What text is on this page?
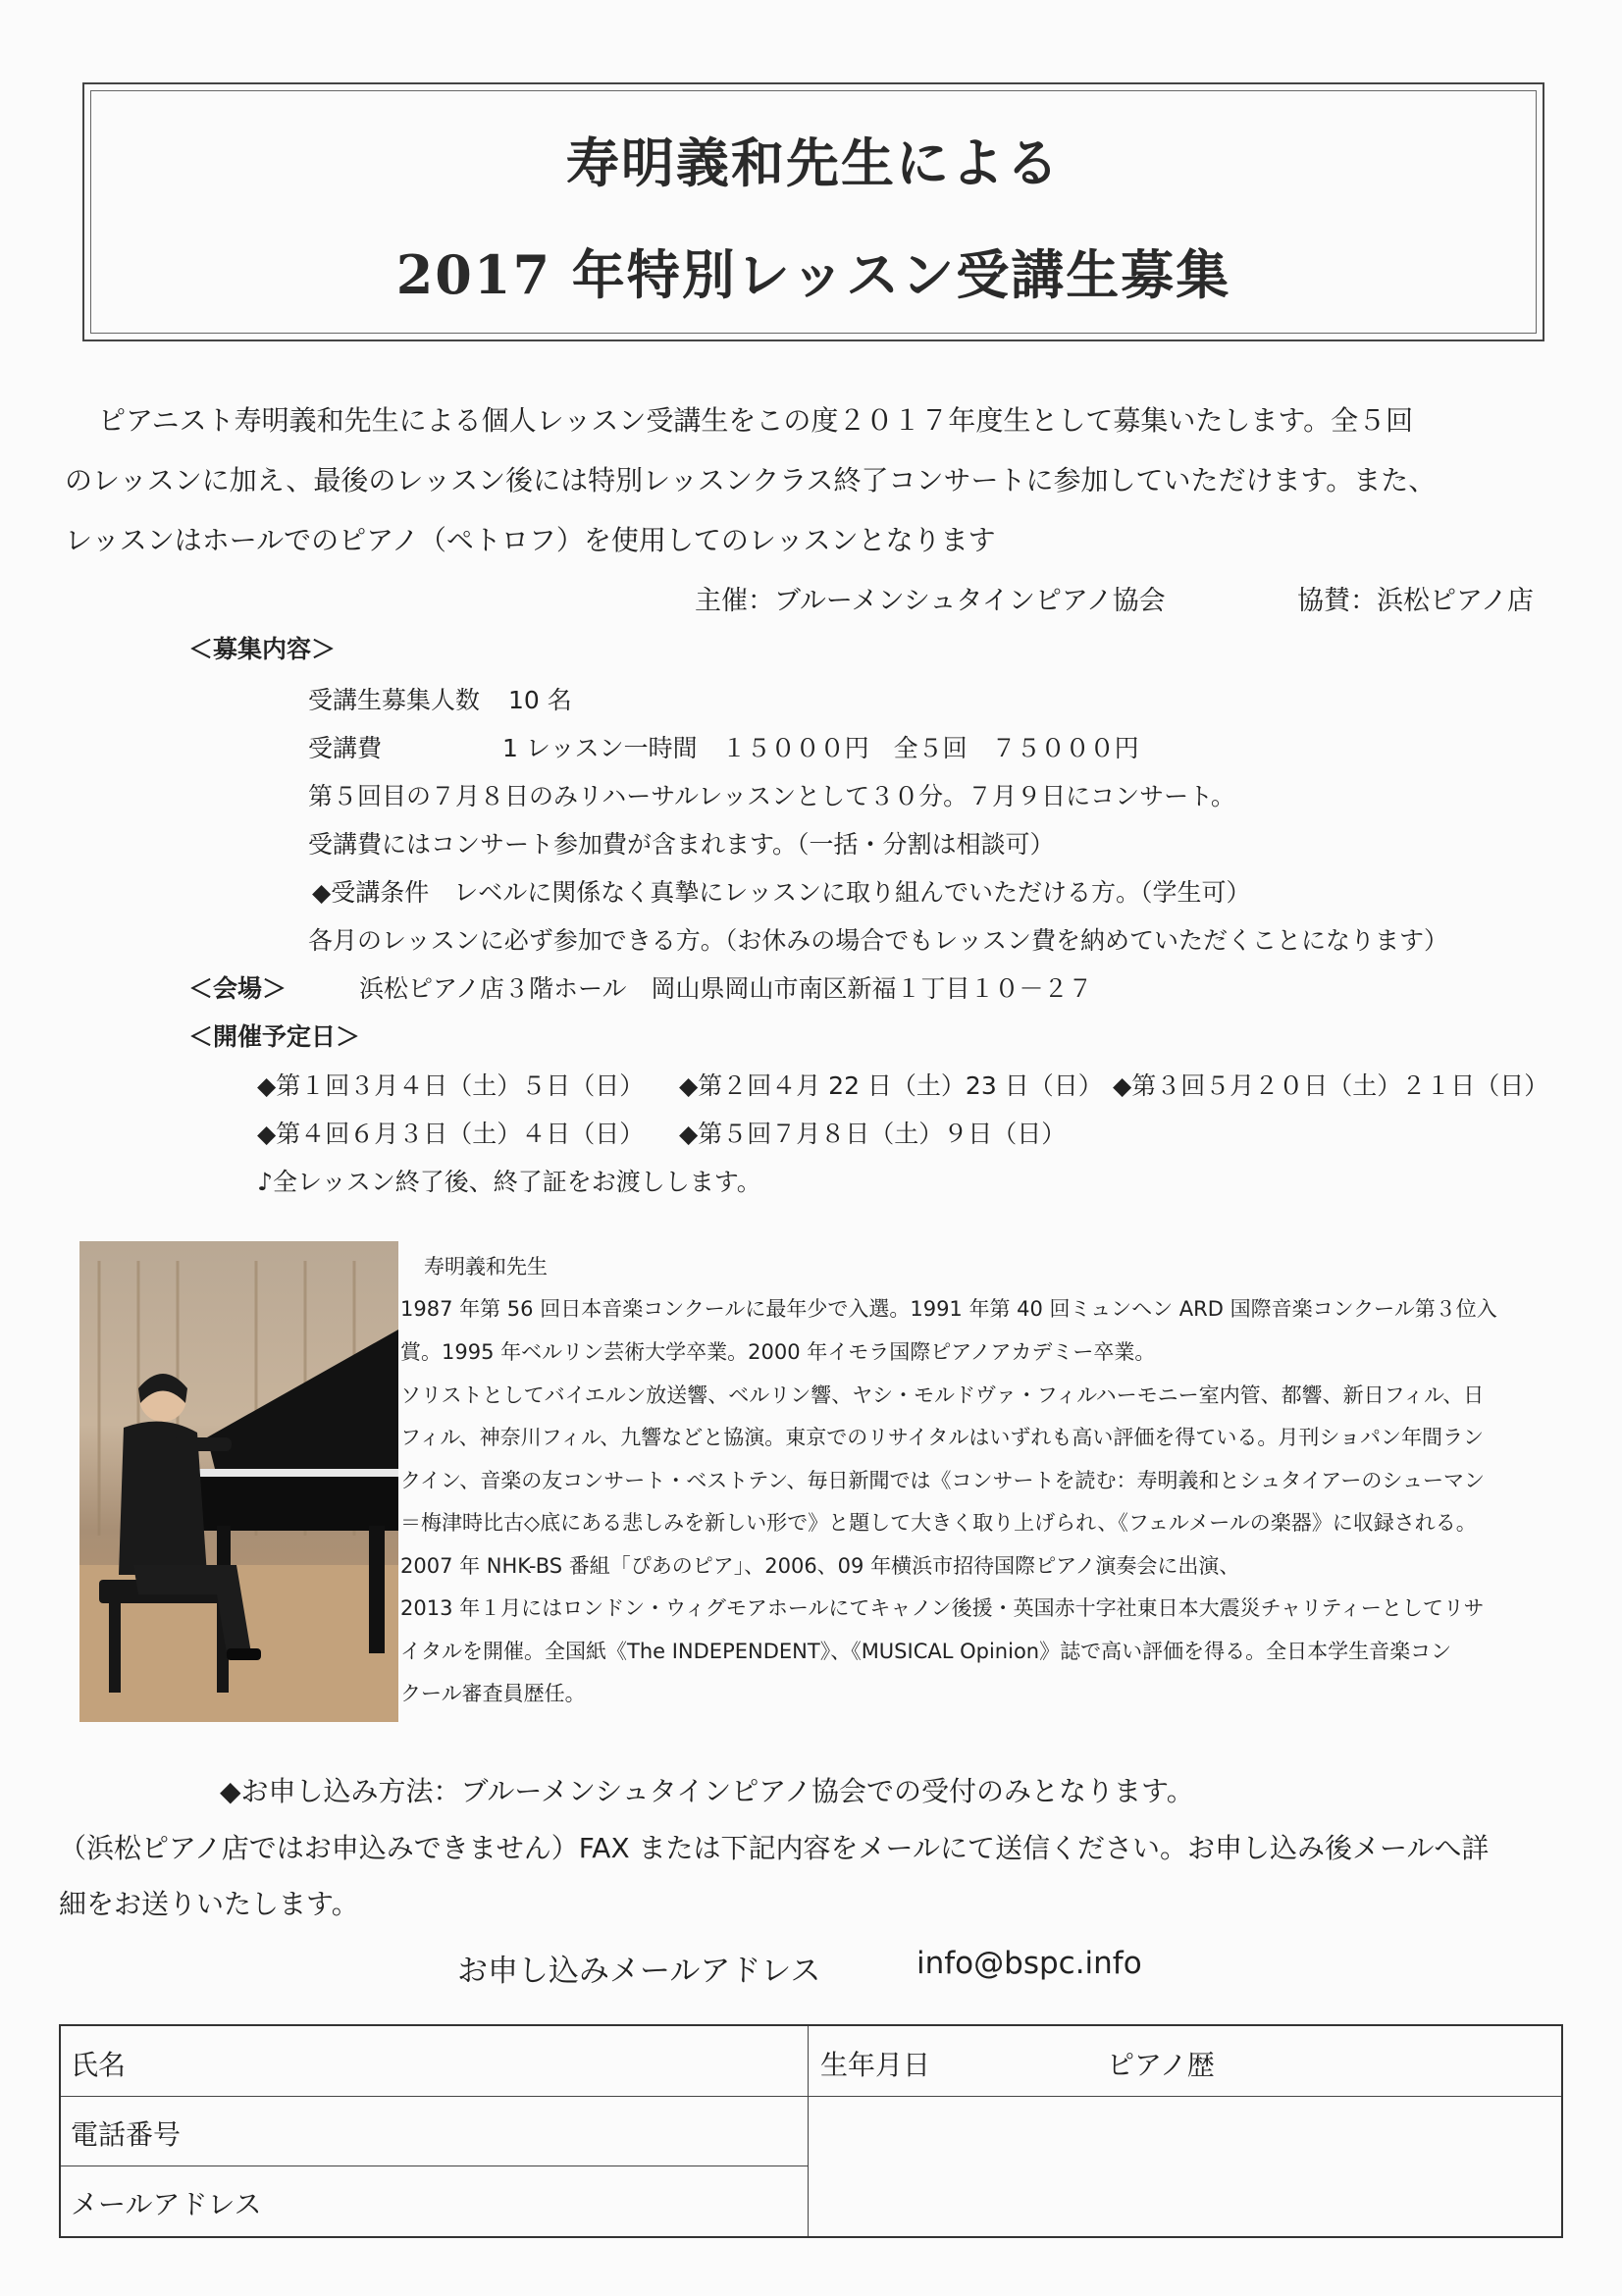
寿明義和先生による
2017 年特別レッスン受講生募集
ピアニスト寿明義和先生による個人レッスン受講生をこの度２０１７年度生として募集いたします。全５回
のレッスンに加え、最後のレッスン後には特別レッスンクラス終了コンサートに参加していただけます。また、
レッスンはホールでのピアノ（ペトロフ）を使用してのレッスンとなります
主催：ブルーメンシュタインピアノ協会	協賛：浜松ピアノ店
＜募集内容＞
受講生募集人数 10 名
受講費	1 レッスン一時間　１５０００円　全５回　７５０００円
第５回目の７月８日のみリハーサルレッスンとして３０分。７月９日にコンサート。
受講費にはコンサート参加費が含まれます。（一括・分割は相談可）
◆受講条件　レベルに関係なく真摯にレッスンに取り組んでいただける方。（学生可）
各月のレッスンに必ず参加できる方。（お休みの場合でもレッスン費を納めていただくことになります）
＜会場＞	浜松ピアノ店３階ホール　岡山県岡山市南区新福１丁目１０－２７
＜開催予定日＞
◆第１回３月４日（土）５日（日） ◆第２回４月 22 日（土）23 日（日） ◆第３回５月２０日（土）２１日（日）
◆第４回６月３日（土）４日（日） ◆第５回７月８日（土）９日（日）
♪全レッスン終了後、終了証をお渡しします。
寿明義和先生
1987 年第 56 回日本音楽コンクールに最年少で入選。1991 年第 40 回ミュンヘン ARD 国際音楽コンクール第３位入
賞。1995 年ベルリン芸術大学卒業。2000 年イモラ国際ピアノアカデミー卒業。
ソリストとしてバイエルン放送響、ベルリン響、ヤシ・モルドヴァ・フィルハーモニー室内管、都響、新日フィル、日
フィル、神奈川フィル、九響などと協演。東京でのリサイタルはいずれも高い評価を得ている。月刊ショパン年間ラン
クイン、音楽の友コンサート・ベストテン、毎日新聞では《コンサートを読む：寿明義和とシュタイアーのシューマン
＝梅津時比古◇底にある悲しみを新しい形で》と題して大きく取り上げられ、《フェルメールの楽器》に収録される。
2007 年 NHK-BS 番組「ぴあのピア」、2006、09 年横浜市招待国際ピアノ演奏会に出演、
2013 年１月にはロンドン・ウィグモアホールにてキャノン後援・英国赤十字社東日本大震災チャリティーとしてリサ
イタルを開催。全国紙《The INDEPENDENT》、《MUSICAL Opinion》誌で高い評価を得る。全日本学生音楽コン
クール審査員歴任。
◆お申し込み方法：ブルーメンシュタインピアノ協会での受付のみとなります。
（浜松ピアノ店ではお申込みできません）FAX または下記内容をメールにて送信ください。お申し込み後メールへ詳
細をお送りいたします。
お申し込みメールアドレス	info@bspc.info
氏名	生年月日	ピアノ歴
電話番号
メールアドレス
